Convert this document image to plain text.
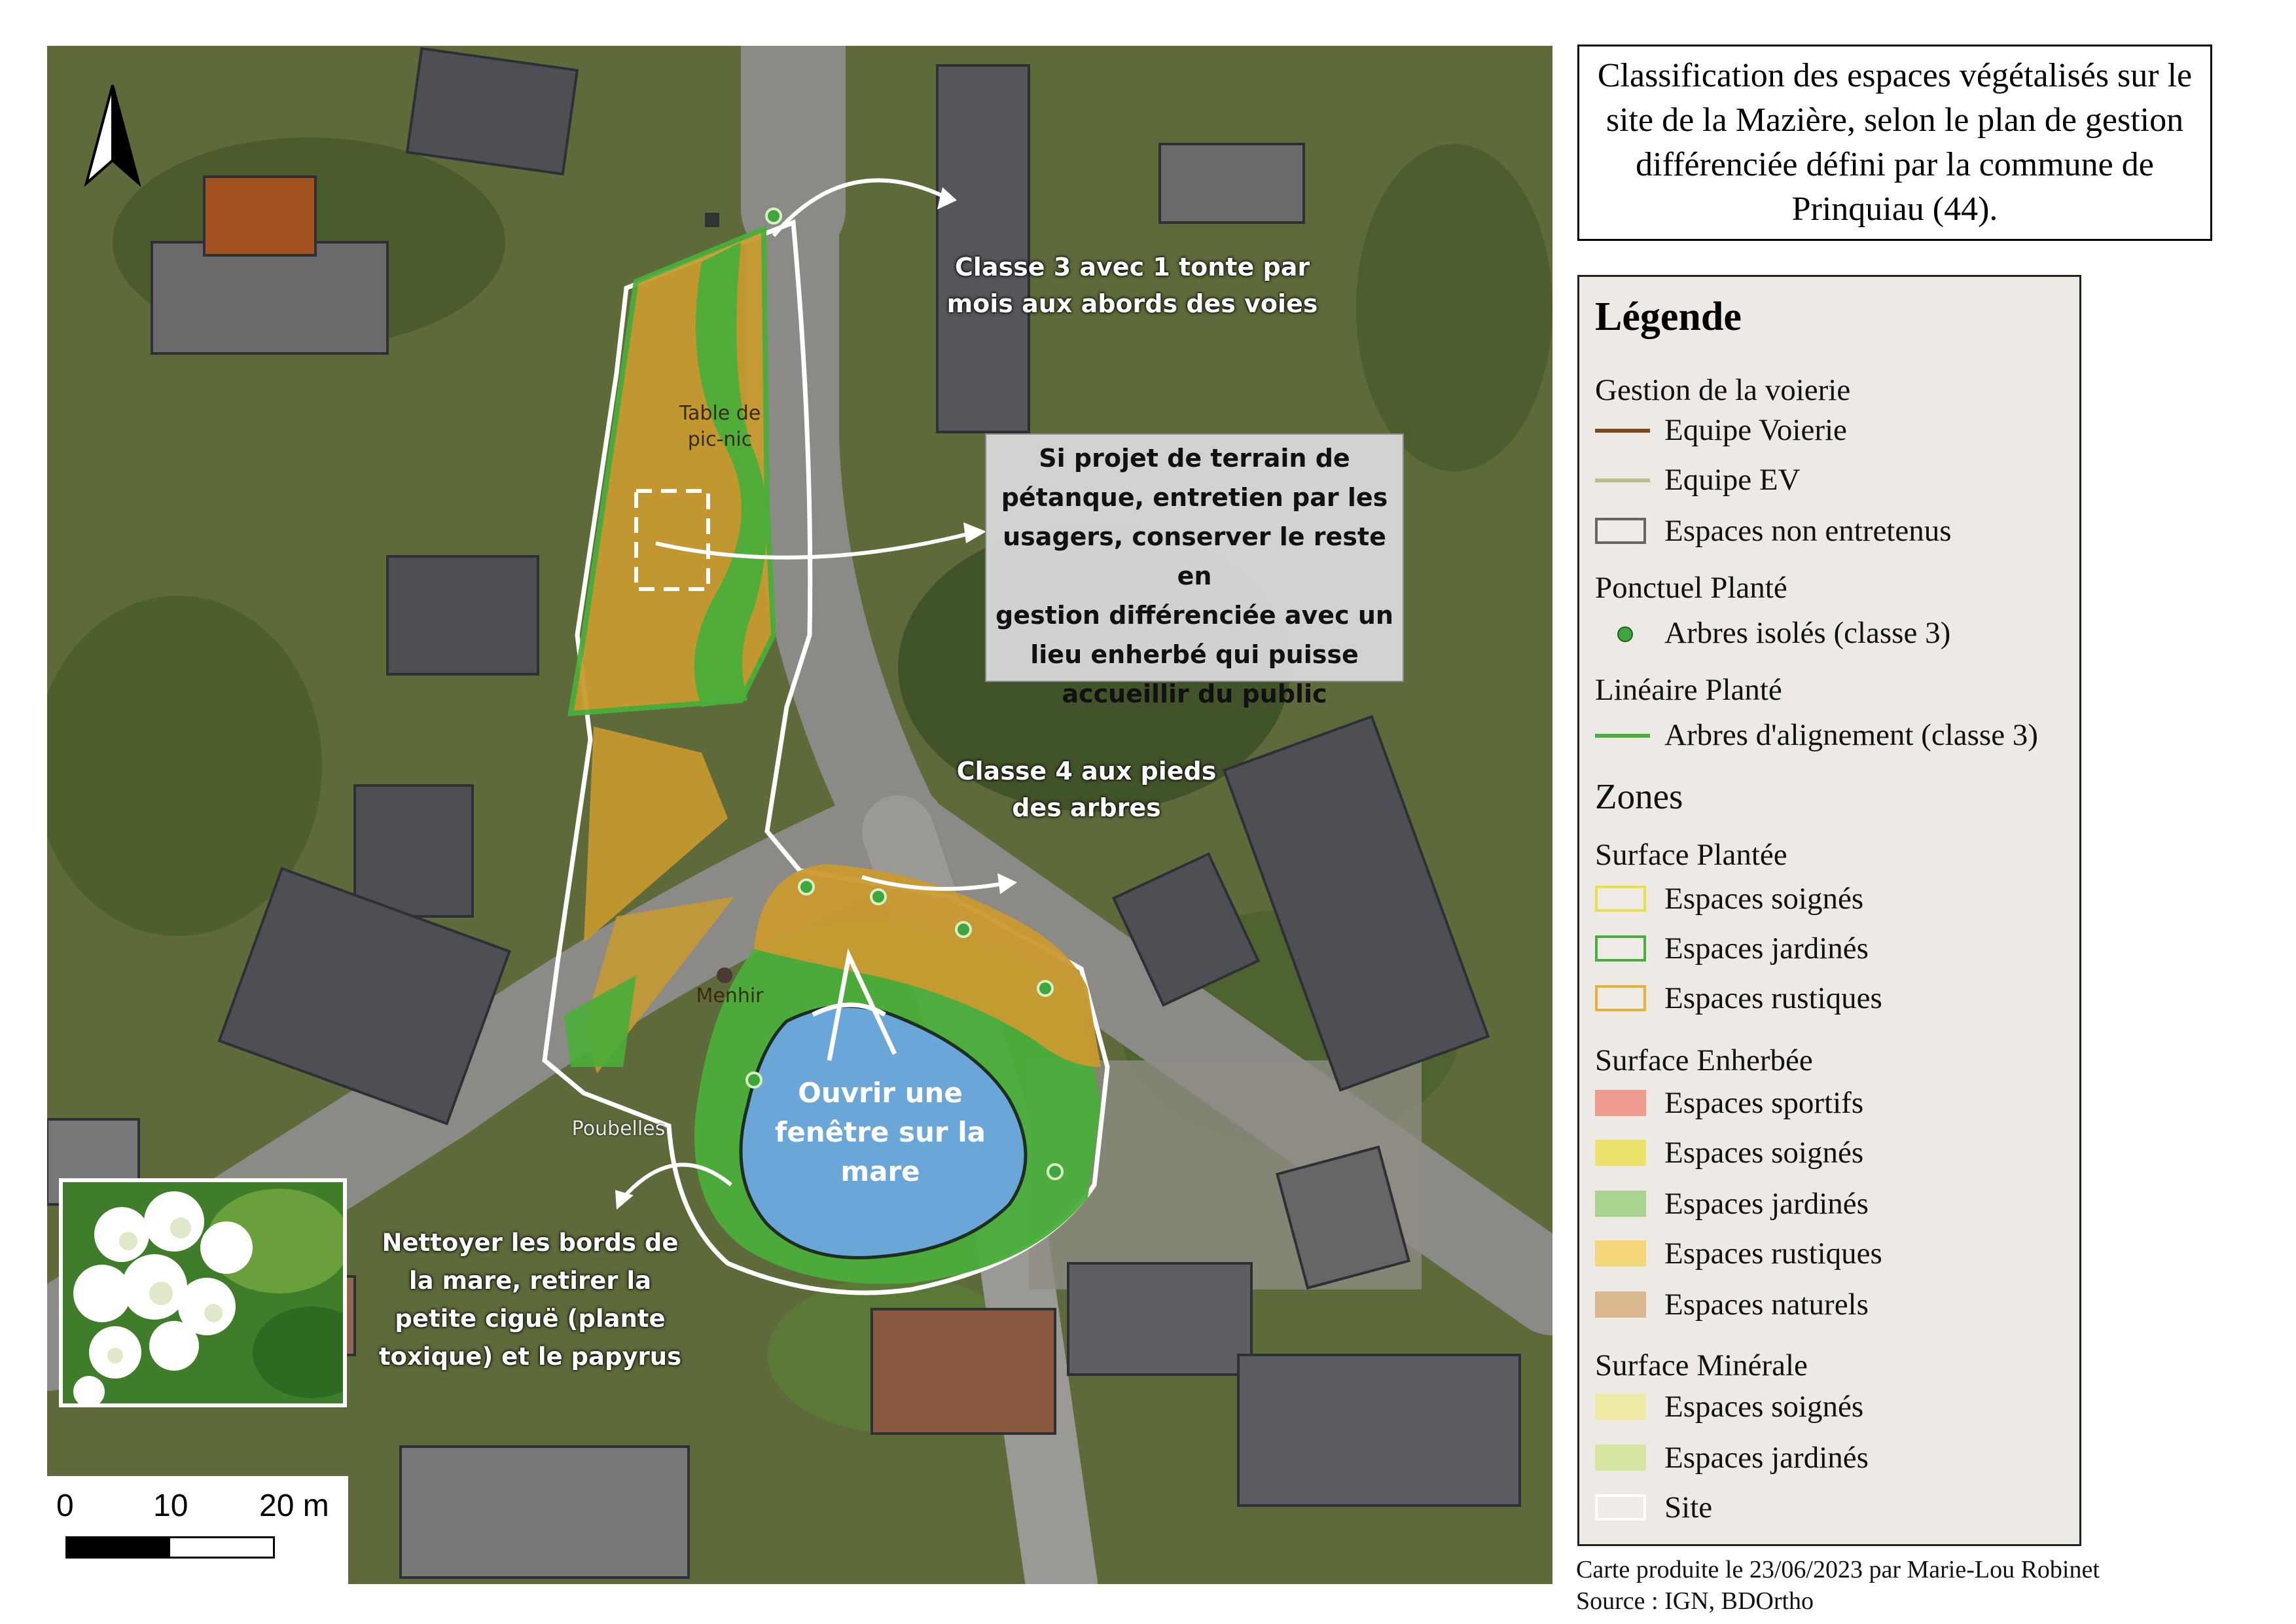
Classe 3 avec 1 tonte par
mois aux abords des voies
Si projet de terrain de
pétanque, entretien par les
usagers, conserver le reste en
gestion différenciée avec un
lieu enherbé qui puisse
accueillir du public
Classe 4 aux pieds
des arbres
Ouvrir une
fenêtre sur la
mare
Nettoyer les bords de
la mare, retirer la
petite ciguë (plante
toxique) et le papyrus
Table de
pic-nic
Menhir
Poubelles
0	10 20 m
Classification des espaces végétalisés sur le site de la Mazière, selon le plan de gestion différenciée défini par la commune de Prinquiau (44).
Légende
Gestion de la voierie
Equipe Voierie
Equipe EV
Espaces non entretenus
Ponctuel Planté
Arbres isolés (classe 3)
Linéaire Planté
Arbres d'alignement (classe 3)
Zones
Surface Plantée
Espaces soignés
Espaces jardinés
Espaces rustiques
Surface Enherbée
Espaces sportifs
Espaces soignés
Espaces jardinés
Espaces rustiques
Espaces naturels
Surface Minérale
Espaces soignés
Espaces jardinés
Site
Carte produite le 23/06/2023 par Marie-Lou Robinet
Source : IGN, BDOrtho
